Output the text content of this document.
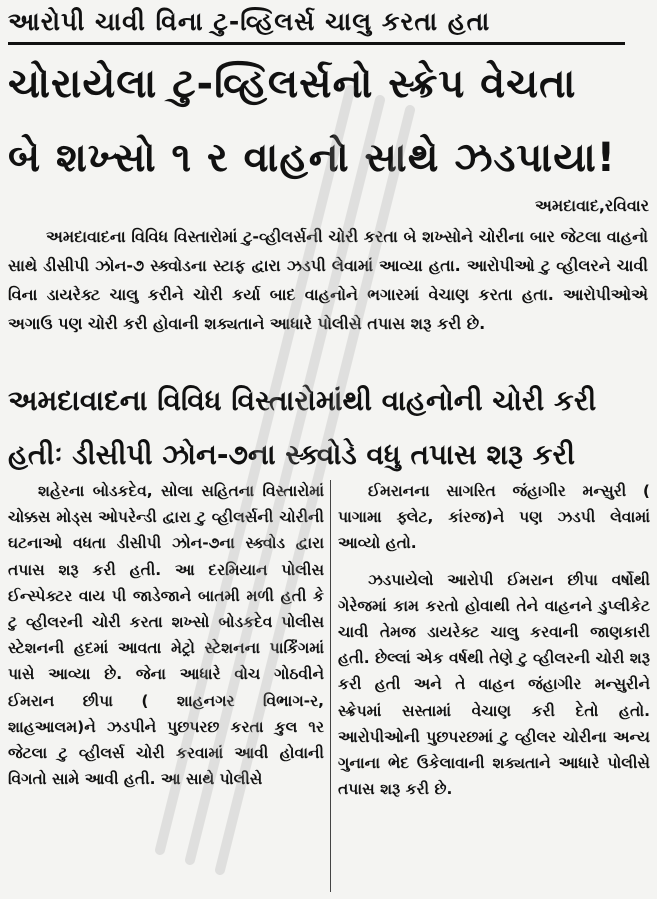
આરોપી ચાવી વિના ટુ-વ્હિલર્સ ચાલુ કરતા હતા
ચોરાયેલા ટુ-વ્હિલર્સનો સ્ક્રેપ વેચતા
બે શખ્સો ૧ ર વાહનો સાથે ઝડપાયા!
અમદાવાદ,રવિવાર
અમદાવાદના વિવિધ વિસ્તારોમાં ટુ-વ્હીલર્સની ચોરી કરતા બે શખ્સોને ચોરીના બાર જેટલા વાહનો સાથે ડીસીપી ઝોન-૭ સ્ક્વોડના સ્ટાફ દ્વારા ઝડપી લેવામાં આવ્યા હતા. આરોપીઓ ટુ વ્હીલરને ચાવી વિના ડાયરેક્ટ ચાલુ કરીને ચોરી કર્યા બાદ વાહનોને ભગારમાં વેચાણ કરતા હતા. આરોપીઓએ અગાઉ પણ ચોરી કરી હોવાની શક્યતાને આધારે પોલીસે તપાસ શરૂ કરી છે.
અમદાવાદના વિવિધ વિસ્તારોમાંથી વાહનોની ચોરી કરી
હતીઃ ડીસીપી ઝોન-૭ના સ્ક્વોડે વધુ તપાસ શરૂ કરી

શહેરના બોડકદેવ, સોલા સહિતના વિસ્તારોમાં ચોક્કસ મોડ્સ ઓપરેન્ડી દ્વારા ટુ વ્હીલર્સની ચોરીની ઘટનાઓ વધતા ડીસીપી ઝોન-૭ના સ્ક્વોડ દ્વારા તપાસ શરૂ કરી હતી. આ દરમિયાન પોલીસ ઈન્સ્પેક્ટર વાય પી જાડેજાને બાતમી મળી હતી કે ટુ વ્હીલરની ચોરી કરતા શખ્સો બોડકદેવ પોલીસ સ્ટેશનની હદમાં આવતા મેટ્રો સ્ટેશનના પાર્કિંગમાં પાસે આવ્યા છે. જેના આધારે વોચ ગોઠવીને ઈમરાન છીપા ( શાહનગર વિભાગ-ર, શાહઆલમ)ને ઝડપીને પુછપરછ કરતા કુલ ૧ર જેટલા ટુ વ્હીલર્સ ચોરી કરવામાં આવી હોવાની વિગતો સામે આવી હતી. આ સાથે પોલીસે

ઈમરાનના સાગરિત જંહાગીર મન્સુરી ( પાગામા ફ્લેટ, કાંરજ)ને પણ ઝડપી લેવામાં આવ્યો હતો.

ઝડપાયેલો આરોપી ઈમરાન છીપા વર્ષોથી ગેરેજમાં કામ કરતો હોવાથી તેને વાહનને ડુપ્લીકેટ ચાવી તેમજ ડાયરેક્ટ ચાલુ કરવાની જાણકારી હતી. છેલ્લાં એક વર્ષથી તેણે ટુ વ્હીલરની ચોરી શરૂ કરી હતી અને તે વાહન જંહાગીર મન્સુરીને સ્ક્રેપમાં સસ્તામાં વેચાણ કરી દેતો હતો. આરોપીઓની પુછપરછમાં ટુ વ્હીલર ચોરીના અન્ય ગુનાના ભેદ ઉકેલાવાની શક્યતાને આધારે પોલીસે તપાસ શરૂ કરી છે.
